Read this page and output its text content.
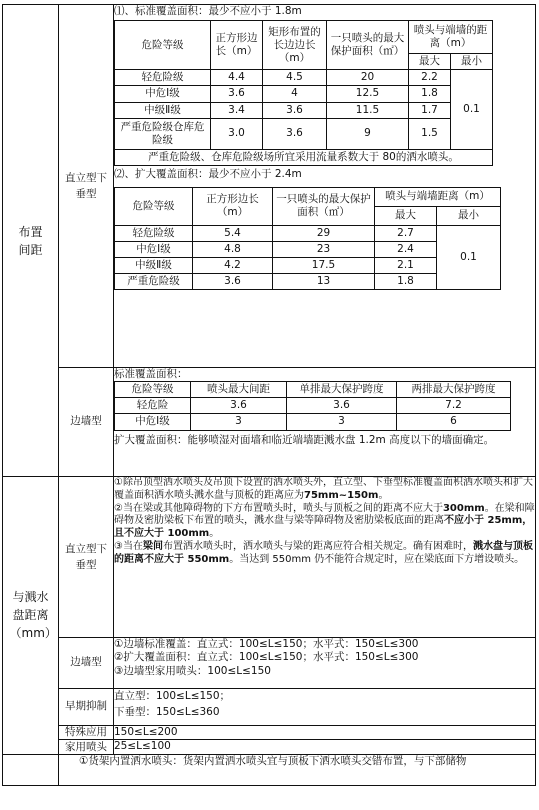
布置间距

直立型下垂型

⑴、标准覆盖面积：最少不应小于 1.8m
危险等级	正方形边长（m）	矩形布置的长边边长（m）	一只喷头的最大保护面积（㎡）	喷头与端墙的距离（m）
最大	最小
轻危险级	4.4	4.5	20	2.2	0.1
中危Ⅰ级	3.6	4	12.5	1.8
中级Ⅱ级	3.4	3.6	11.5	1.7
严重危险级仓库危险级	3.0	3.6	9	1.5
严重危险级、仓库危险级场所宜采用流量系数大于 80的洒水喷头。
⑵、扩大覆盖面积：最少不应小于 2.4m
危险等级	正方形边长（m）	一只喷头的最大保护面积（㎡）	喷头与端墙距离（m）
最大	最小
轻危险级	5.4	29	2.7	0.1
中危Ⅰ级	4.8	23	2.4
中级Ⅱ级	4.2	17.5	2.1
严重危险级	3.6	13	1.8

边墙型

标准覆盖面积：
危险等级	喷头最大间距	单排最大保护跨度	两排最大保护跨度
轻危险	3.6	3.6	7.2
中危Ⅰ级	3	3	6
扩大覆盖面积：能够喷湿对面墙和临近端墙距溅水盘 1.2m 高度以下的墙面确定。

与溅水盘距离（mm）

直立型下垂型

①除吊顶型洒水喷头及吊顶下设置的洒水喷头外，直立型、下垂型标准覆盖面积洒水喷头和扩大覆盖面积洒水喷头溅水盘与顶板的距离应为75mm~150m。

②当在梁或其他障碍物的下方布置喷头时，喷头与顶板之间的距离不应大于300mm。在梁和障碍物及密肋梁板下布置的喷头，溅水盘与梁等障碍物及密肋梁板底面的距离不应小于 25mm，且不应大于 100mm。

③当在梁间布置洒水喷头时，洒水喷头与梁的距离应符合相关规定。确有困难时，溅水盘与顶板的距离不应大于 550mm。当达到 550mm 仍不能符合规定时，应在梁底面下方增设喷头。

边墙型

①边墙标准覆盖：直立式：100≤L≤150；水平式：150≤L≤300
②扩大覆盖面积：直立式：100≤L≤150；水平式：150≤L≤300
③边墙型家用喷头：100≤L≤150

早期抑制

直立型：100≤L≤150；
下垂型：150≤L≤360

特殊应用	150≤L≤200

家用喷头	25≤L≤100

①货架内置洒水喷头：货架内置洒水喷头宜与顶板下洒水喷头交错布置，与下部储物
